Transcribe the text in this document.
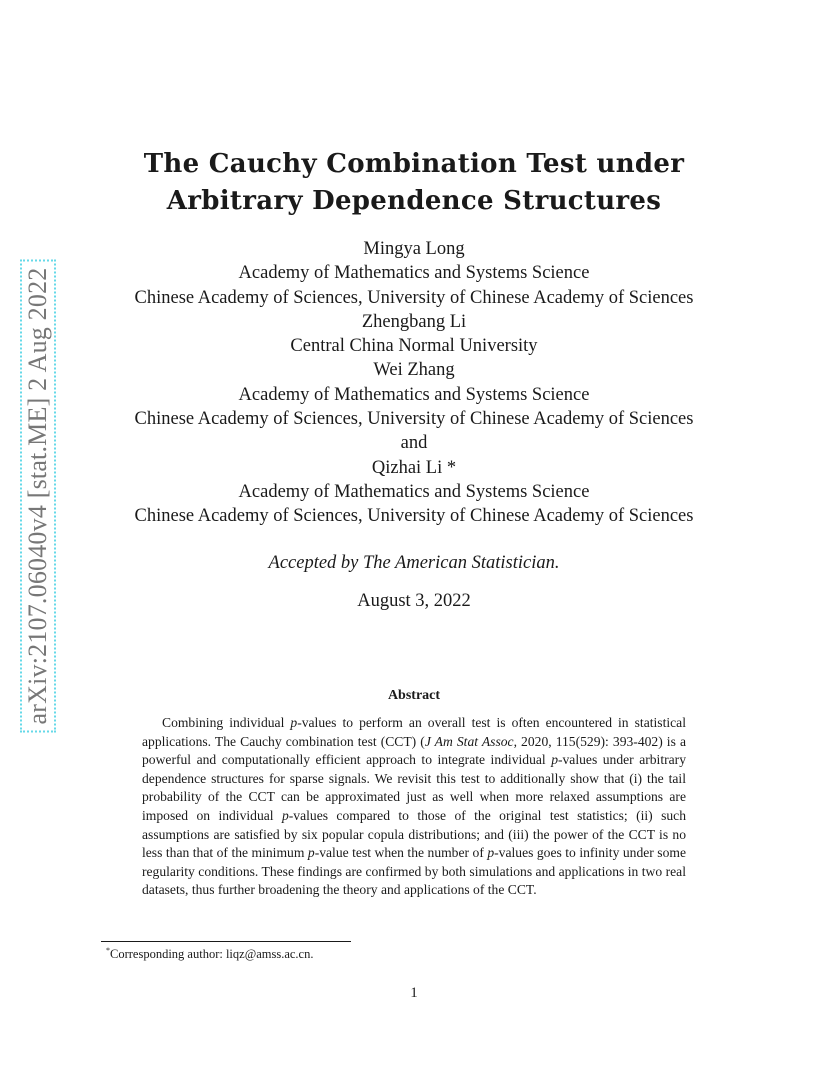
arXiv:2107.06040v4 [stat.ME] 2 Aug 2022
The Cauchy Combination Test under
Arbitrary Dependence Structures
Mingya Long
Academy of Mathematics and Systems Science
Chinese Academy of Sciences, University of Chinese Academy of Sciences
Zhengbang Li
Central China Normal University
Wei Zhang
Academy of Mathematics and Systems Science
Chinese Academy of Sciences, University of Chinese Academy of Sciences
and
Qizhai Li *
Academy of Mathematics and Systems Science
Chinese Academy of Sciences, University of Chinese Academy of Sciences
Accepted by The American Statistician.
August 3, 2022
Abstract
Combining individual p-values to perform an overall test is often encountered in statistical applications. The Cauchy combination test (CCT) (J Am Stat Assoc, 2020, 115(529): 393-402) is a powerful and computationally efficient approach to integrate individual p-values under arbitrary dependence structures for sparse signals. We revisit this test to additionally show that (i) the tail probability of the CCT can be approximated just as well when more relaxed assumptions are imposed on individual p-values compared to those of the original test statistics; (ii) such assumptions are satisfied by six popular copula distributions; and (iii) the power of the CCT is no less than that of the minimum p-value test when the number of p-values goes to infinity under some regularity conditions. These findings are confirmed by both simulations and applications in two real datasets, thus further broadening the theory and applications of the CCT.
*Corresponding author: liqz@amss.ac.cn.
1
